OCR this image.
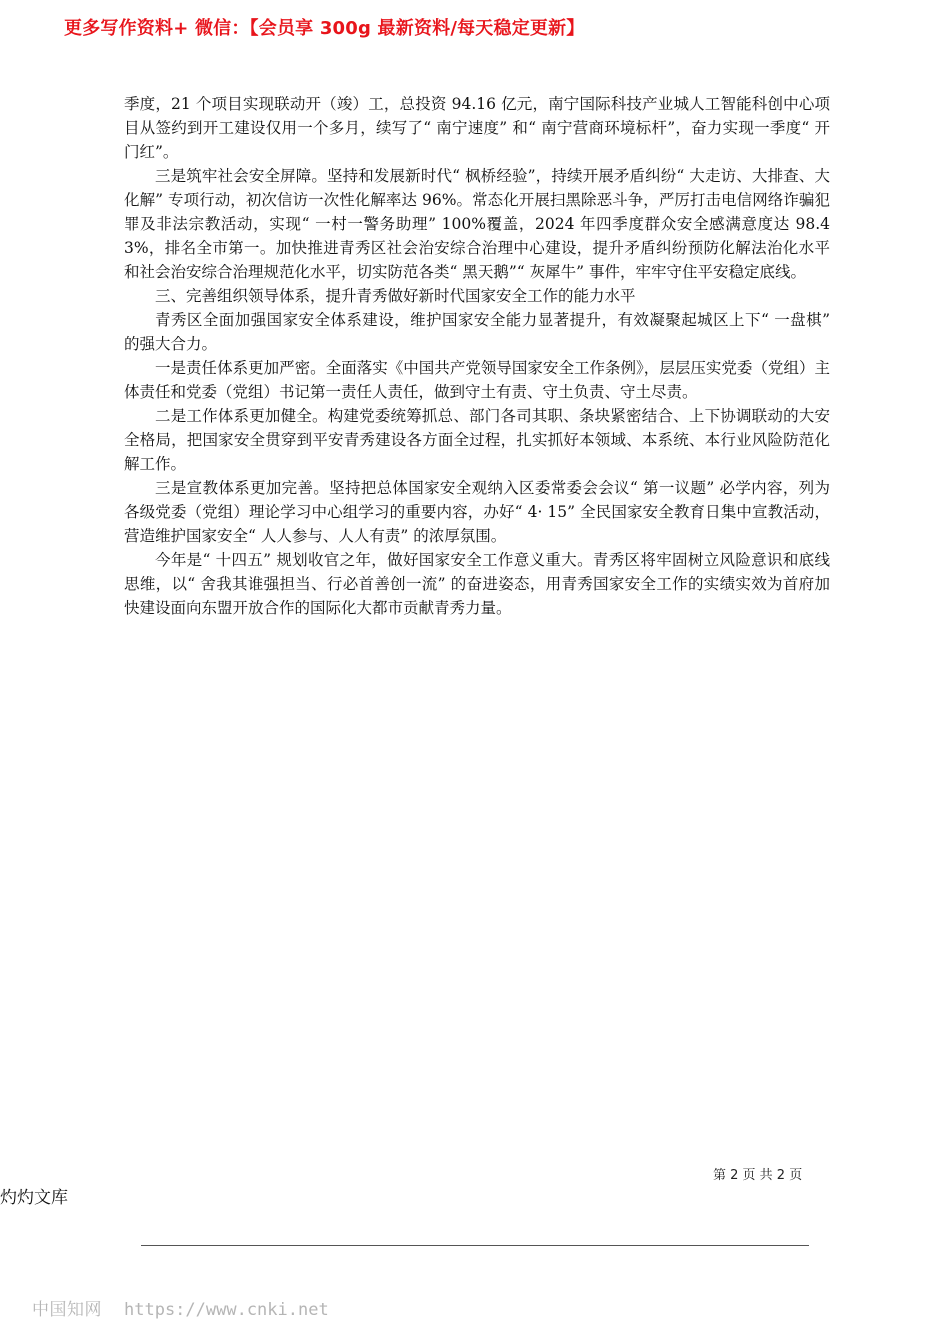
更多写作资料+ 微信：【会员享 300g 最新资料/每天稳定更新】

季度，21 个项目实现联动开（竣）工，总投资 94.16 亿元，南宁国际科技产业城人工智能科创中心项目从签约到开工建设仅用一个多月，续写了“ 南宁速度” 和“ 南宁营商环境标杆”，奋力实现一季度“ 开门红”。

三是筑牢社会安全屏障。坚持和发展新时代“ 枫桥经验”，持续开展矛盾纠纷“ 大走访、大排查、大化解” 专项行动，初次信访一次性化解率达 96%。常态化开展扫黑除恶斗争，严厉打击电信网络诈骗犯罪及非法宗教活动，实现“ 一村一警务助理” 100%覆盖，2024 年四季度群众安全感满意度达 98.43%，排名全市第一。加快推进青秀区社会治安综合治理中心建设，提升矛盾纠纷预防化解法治化水平和社会治安综合治理规范化水平，切实防范各类“ 黑天鹅”“ 灰犀牛” 事件，牢牢守住平安稳定底线。

三、完善组织领导体系，提升青秀做好新时代国家安全工作的能力水平

青秀区全面加强国家安全体系建设，维护国家安全能力显著提升，有效凝聚起城区上下“ 一盘棋” 的强大合力。

一是责任体系更加严密。全面落实《中国共产党领导国家安全工作条例》，层层压实党委（党组）主体责任和党委（党组）书记第一责任人责任，做到守土有责、守土负责、守土尽责。

二是工作体系更加健全。构建党委统筹抓总、部门各司其职、条块紧密结合、上下协调联动的大安全格局，把国家安全贯穿到平安青秀建设各方面全过程，扎实抓好本领域、本系统、本行业风险防范化解工作。

三是宣教体系更加完善。坚持把总体国家安全观纳入区委常委会会议“ 第一议题” 必学内容，列为各级党委（党组）理论学习中心组学习的重要内容，办好“ 4· 15” 全民国家安全教育日集中宣教活动，营造维护国家安全“ 人人参与、人人有责” 的浓厚氛围。

今年是“ 十四五” 规划收官之年，做好国家安全工作意义重大。青秀区将牢固树立风险意识和底线思维，以“ 舍我其谁强担当、行必首善创一流” 的奋进姿态，用青秀国家安全工作的实绩实效为首府加快建设面向东盟开放合作的国际化大都市贡献青秀力量。

第 2 页 共 2 页
灼灼文库
中国知网 https://www.cnki.net
